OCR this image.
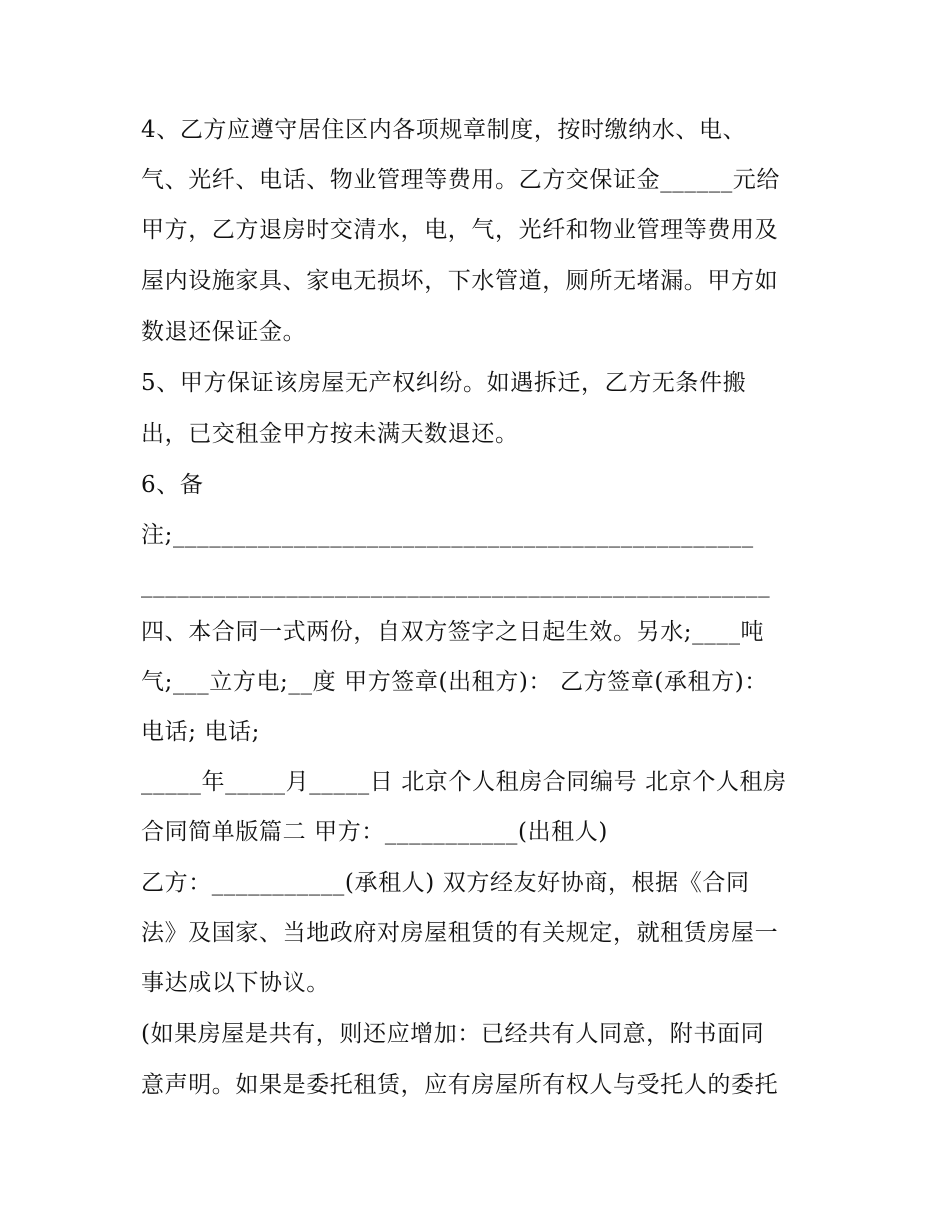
4、乙方应遵守居住区内各项规章制度，按时缴纳水、电、
气、光纤、电话、物业管理等费用。乙方交保证金______元给
甲方，乙方退房时交清水，电，气，光纤和物业管理等费用及
屋内设施家具、家电无损坏，下水管道，厕所无堵漏。甲方如
数退还保证金。
5、甲方保证该房屋无产权纠纷。如遇拆迁，乙方无条件搬
出，已交租金甲方按未满天数退还。
6、备
注;________________________________________________
____________________________________________________
四、本合同一式两份，自双方签字之日起生效。另水;____吨
气;___立方电;__度 甲方签章(出租方)： 乙方签章(承租方)：
电话; 电话;
_____年_____月_____日 北京个人租房合同编号 北京个人租房
合同简单版篇二 甲方：___________(出租人)
乙方：___________(承租人) 双方经友好协商，根据《合同
法》及国家、当地政府对房屋租赁的有关规定，就租赁房屋一
事达成以下协议。
(如果房屋是共有，则还应增加：已经共有人同意，附书面同
意声明。如果是委托租赁，应有房屋所有权人与受托人的委托
